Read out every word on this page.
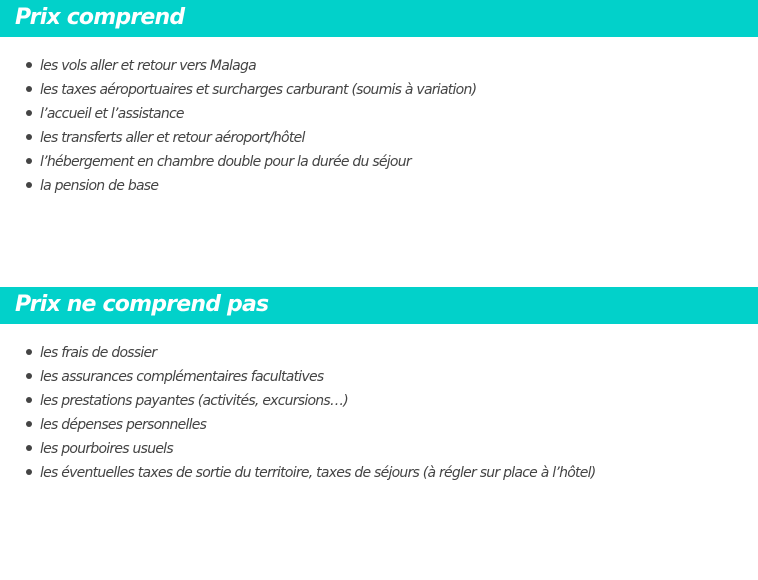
Prix comprend
les vols aller et retour vers Malaga
les taxes aéroportuaires et surcharges carburant (soumis à variation)
l’accueil et l’assistance
les transferts aller et retour aéroport/hôtel
l’hébergement en chambre double pour la durée du séjour
la pension de base
Prix ne comprend pas
les frais de dossier
les assurances complémentaires facultatives
les prestations payantes (activités, excursions…)
les dépenses personnelles
les pourboires usuels
les éventuelles taxes de sortie du territoire, taxes de séjours (à régler sur place à l’hôtel)
